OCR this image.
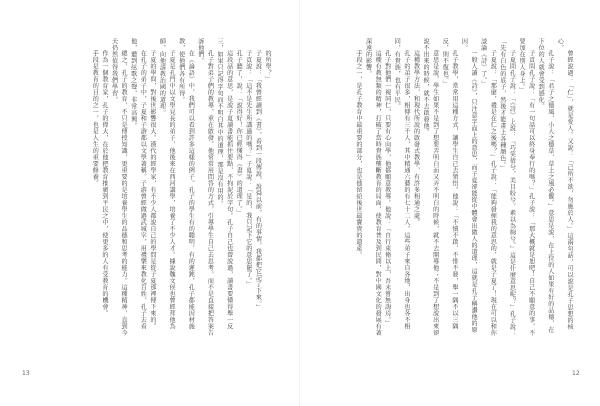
的所學？」

子夏說：「我曾經讀到《書》，看到一段傳說，說舜以前，有的事情，我都把它記了下來。」

子貢說：「這不是先生所講過的嗎？」子夏說：「是的，我只記下它的意思罷了。」

孔子聽了，說：「說得好！你已經懂得《書》的道理了。」

這段話的意思，是說子夏讀書能抓住要點，不拘泥於字句。孔子自己也曾說過，讀書要懂得舉一反三，如果只記得字句而不明白其中的道理，那是沒有用的。

孔子對弟子們的教導，重在啟發。他常常用問答的方式，引導學生自己去思考，而不是直接把答案告訴他們。

在《論語》中，我們可以看到許多這樣的例子。孔子的學生有的聰明，有的遲鈍，孔子都能因材施教，使他們各有所得。

子夏是孔門中以文學見長的弟子，他後來在西河講學，培養了不少人才。據說魏文侯也曾經拜他為師，向他請教治國的道理。

子夏的學問，對後世影響很大。漢代的經學家，有不少人都說自己的學問是從子夏那裡傳下來的。

在孔子的弟子中，子夏和子游都以文學著稱。子游曾經做過武城宰，用禮樂來教化百姓，孔子去看他，聽到絃歌之聲，非常高興。

總之，孔子的教育，不只是傳授知識，更重要的是培養學生的品德和思考的能力。這種精神，直到今天仍然值得我們學習。

作為一個教育家，孔子的偉大，在於他把教育推廣到平民之中，使更多的人有受教育的機會。

手段是教育的目的之一，也是人生的重要修養。

13

曾經說過：「仁」，就是愛人。又說：「己所不欲，勿施於人。」這兩句話，可以說是孔子思想的核心。

孔子說：「君子之德風，小人之德草，草上之風必偃。」意思是說，在上位的人如果有好的品德，在下位的人就會受到感化。

子貢問孔子說：「有一句話可以終身奉行的嗎？」孔子說：「那大概就是恕吧！自己不願意的事，不要加在別人身上。」

子夏問孔子說：「《詩》上說：『巧笑倩兮，美目盼兮，素以為絢兮。』這是什麼意思呢？」孔子說：「先有白色的底子，然後才能畫上各種顏色。」

子夏說：「那麼，禮是在仁之後嗎？」孔子說：「能夠發揮我的意思的，就是子夏了！現在可以和你談論《詩》了。」

一般人讀《詩》，只注意字面上的意思，而子夏卻能從中體會出做人的道理，這就是孔子稱讚他的原因。

孔子教學，常常用這種方式，讓學生自己去領悟。他說：「不憤不啟，不悱不發，舉一隅不以三隅反，則不復也。」

意思是說，學生如果不是到了想要弄明白而又弄不明白的時候，就不去開導他；不是到了想說出來卻說不出來的時候，就不去啟發他。

這種教學方法，和現代所說的啟發式教學，有許多相通之處。

孔子的弟子很多，相傳有三千人，其中精通六藝的有七十二人。這些弟子來自各地，出身也各不相同，有貴族，也有平民。

孔子對他們一視同仁，只要有心向學，他都願意教導。他說：「自行束脩以上，吾未嘗無誨焉。」

這種有教無類的精神，打破了當時貴族壟斷教育的局面，使教育普及到民間，對中國文化的發展有著深遠的影響。

手段之一，是孔子教育中最重要的部分，也是他留給後世最寶貴的遺產。

12
